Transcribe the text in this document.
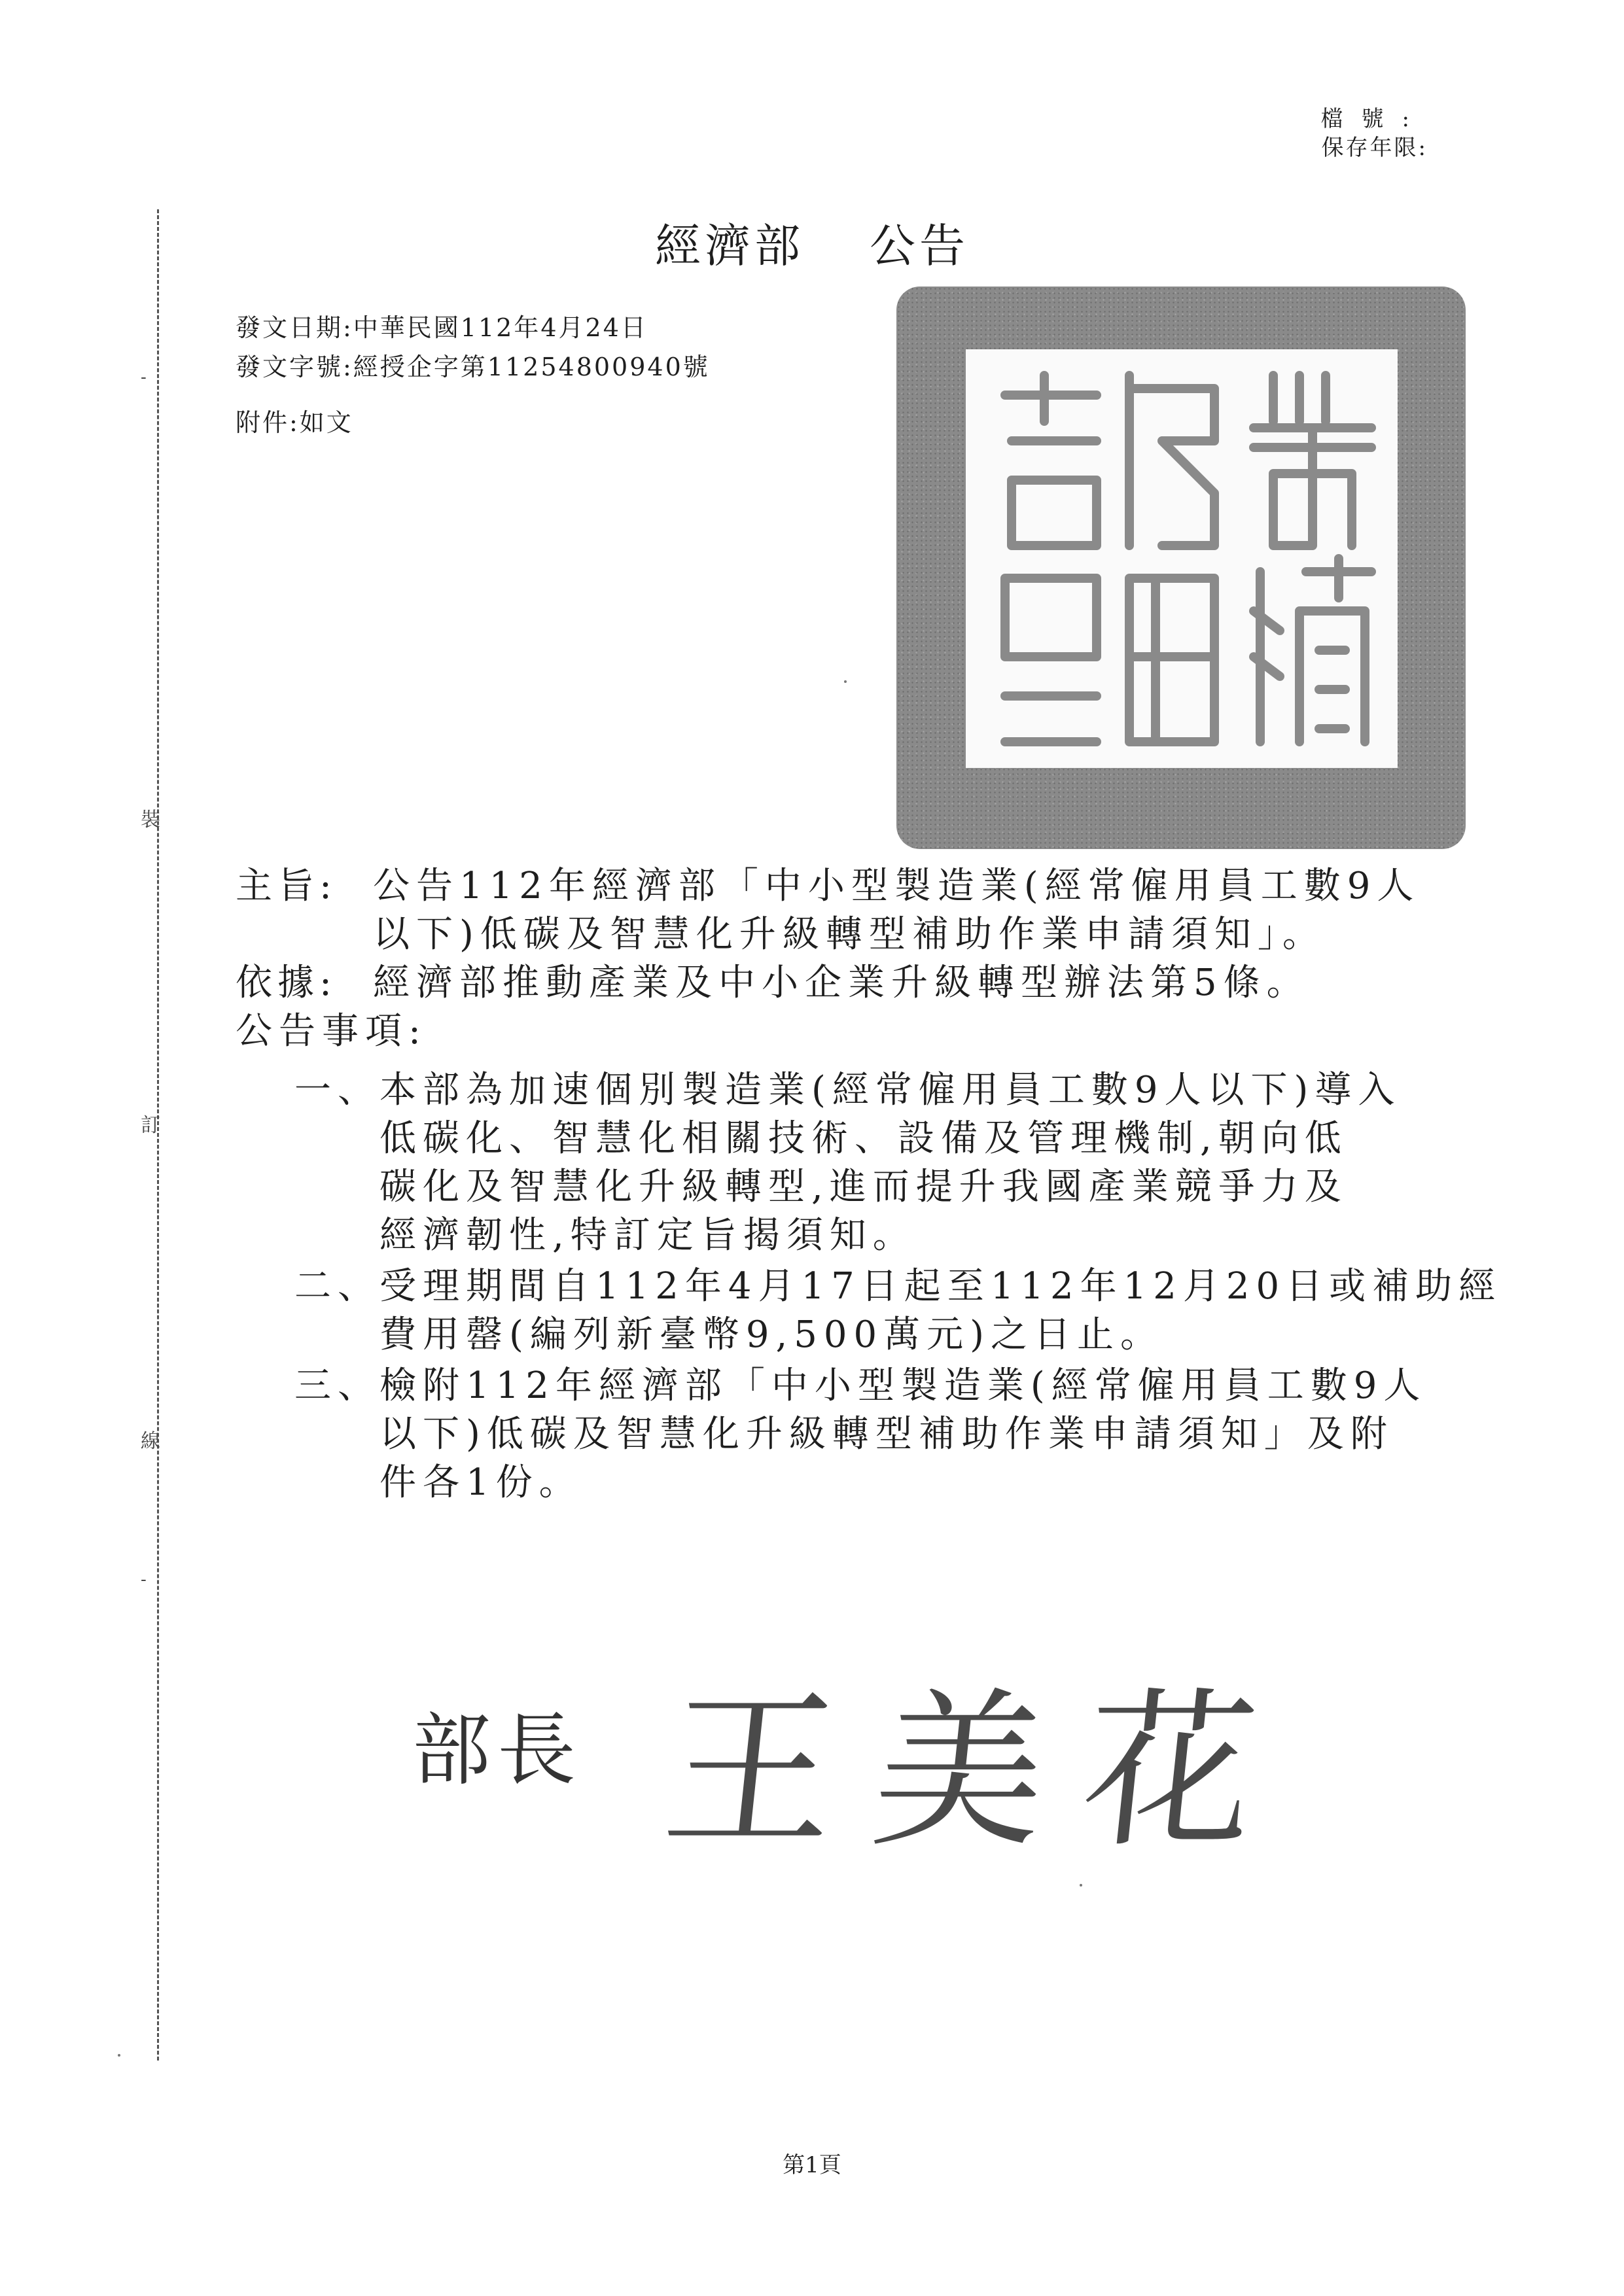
檔號:
保存年限:
裝
訂
線
-
-
經濟部 公告
發文日期:中華民國112年4月24日
發文字號:經授企字第11254800940號
附件:如文
主旨: 公告112年經濟部「中小型製造業(經常僱用員工數9人
以下)低碳及智慧化升級轉型補助作業申請須知」。
依據: 經濟部推動產業及中小企業升級轉型辦法第5條。
公告事項:
一、本部為加速個別製造業(經常僱用員工數9人以下)導入
低碳化、智慧化相關技術、設備及管理機制,朝向低
碳化及智慧化升級轉型,進而提升我國產業競爭力及
經濟韌性,特訂定旨揭須知。
二、受理期間自112年4月17日起至112年12月20日或補助經
費用罄(編列新臺幣9,500萬元)之日止。
三、檢附112年經濟部「中小型製造業(經常僱用員工數9人
以下)低碳及智慧化升級轉型補助作業申請須知」及附
件各1份。
部長 王美花
第1頁
